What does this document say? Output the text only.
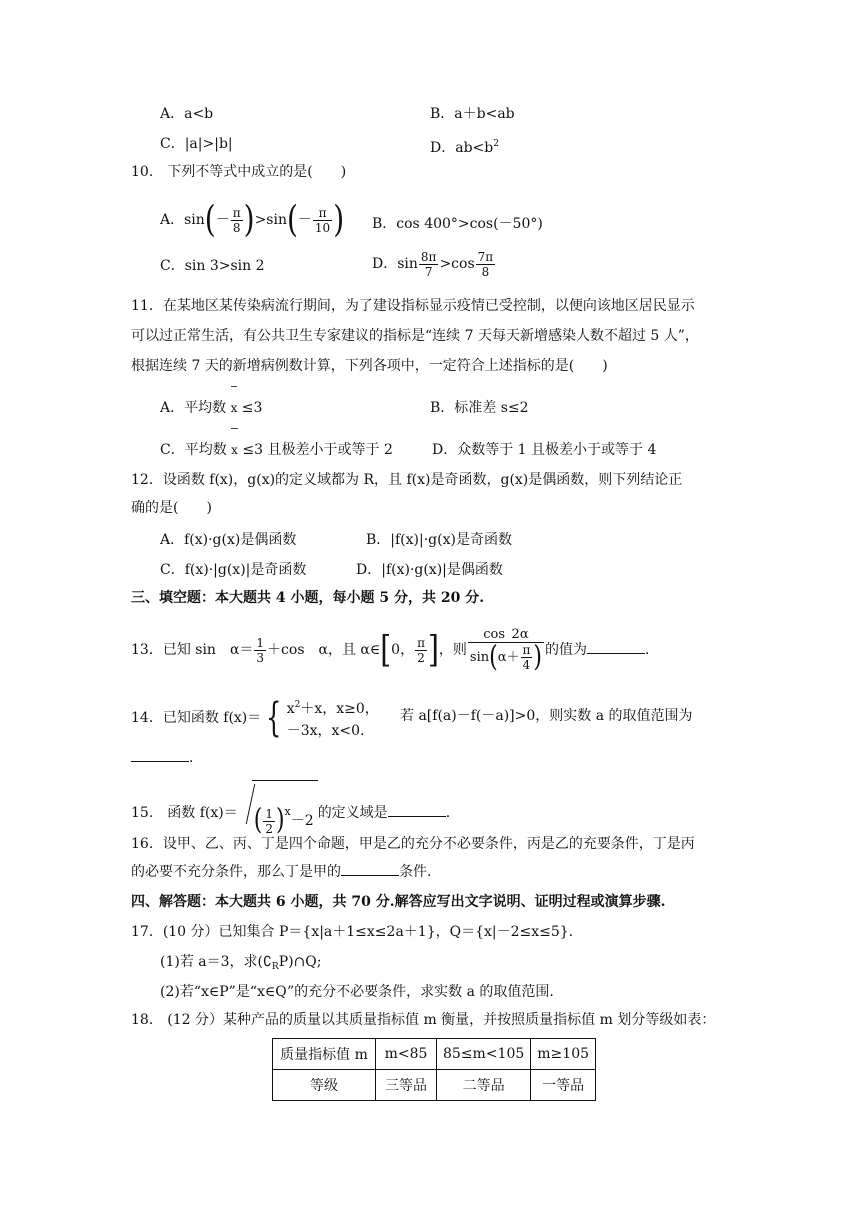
A．a<b	B．a＋b<ab
C．|a|>|b|	D．$ab<b^2$
10.　下列不等式中成立的是(　　)
A．$\sin(- \frac{\pi}{8} )>\sin(- \frac{\pi}{10}$ ) B．cos 400°>cos(－50°)
C．sin 3>sin 2	D．$\sin \frac{8\pi}{7} >\cos \frac{7\pi}{8}$
11．在某地区某传染病流行期间，为了建设指标显示疫情已受控制，以便向该地区居民显示
可以过正常生活，有公共卫生专家建议的指标是“连续 7 天每天新增感染人数不超过 5 人”，
根据连续 7 天的新增病例数计算，下列各项中，一定符合上述指标的是(　　)
A．平均数 x ≤3	B．标准差 s≤2
C．平均数 x ≤3 且极差小于或等于 2	D．众数等于 1 且极差小于或等于 4
12．设函数 f(x)，g(x)的定义域都为 R，且 f(x)是奇函数，g(x)是偶函数，则下列结论正
确的是(　　)
A．f(x)·g(x)是偶函数	B．|f(x)|·g(x)是奇函数
C．f(x)·|g(x)|是奇函数	D．|f(x)·g(x)|是偶函数
三、填空题：本大题共 4 小题，每小题 5 分，共 20 分.
13．已知 sin　$\alpha= \frac{1}{3} +\cos$　α，且 α∈[0， $\frac{\pi}{2}$ ]，则 $\frac{\cos 2\alpha}{\sin(\alpha+ \frac{\pi}{4} )}$ 的值为	.
14．已知函数 f(x)＝ { $x^2+x$，x≥0，
－3x，x<0.
若 a[f(a)－f(－a)]>0，则实数 a 的取值范围为
.
15.　函数 f(x)＝ ( $\frac{1}{2} )^x-2$ 的定义域是	.
16．设甲、乙、丙、丁是四个命题，甲是乙的充分不必要条件，丙是乙的充要条件，丁是丙
的必要不充分条件，那么丁是甲的	条件.
四、解答题：本大题共 6 小题，共 70 分.解答应写出文字说明、证明过程或演算步骤.
17．(10 分）已知集合 P＝{x|a＋1≤x≤2a＋1}，Q＝{x|－2≤x≤5}.
(1)若 a＝3，求$(∁_RP)\cap Q$;
(2)若“x∈P”是“x∈Q”的充分不必要条件，求实数 a 的取值范围.
18.　(12 分）某种产品的质量以其质量指标值 m 衡量，并按照质量指标值 m 划分等级如表：
质量指标值 m	m<85	85≤m<105	m≥105
等级	三等品	二等品	一等品
